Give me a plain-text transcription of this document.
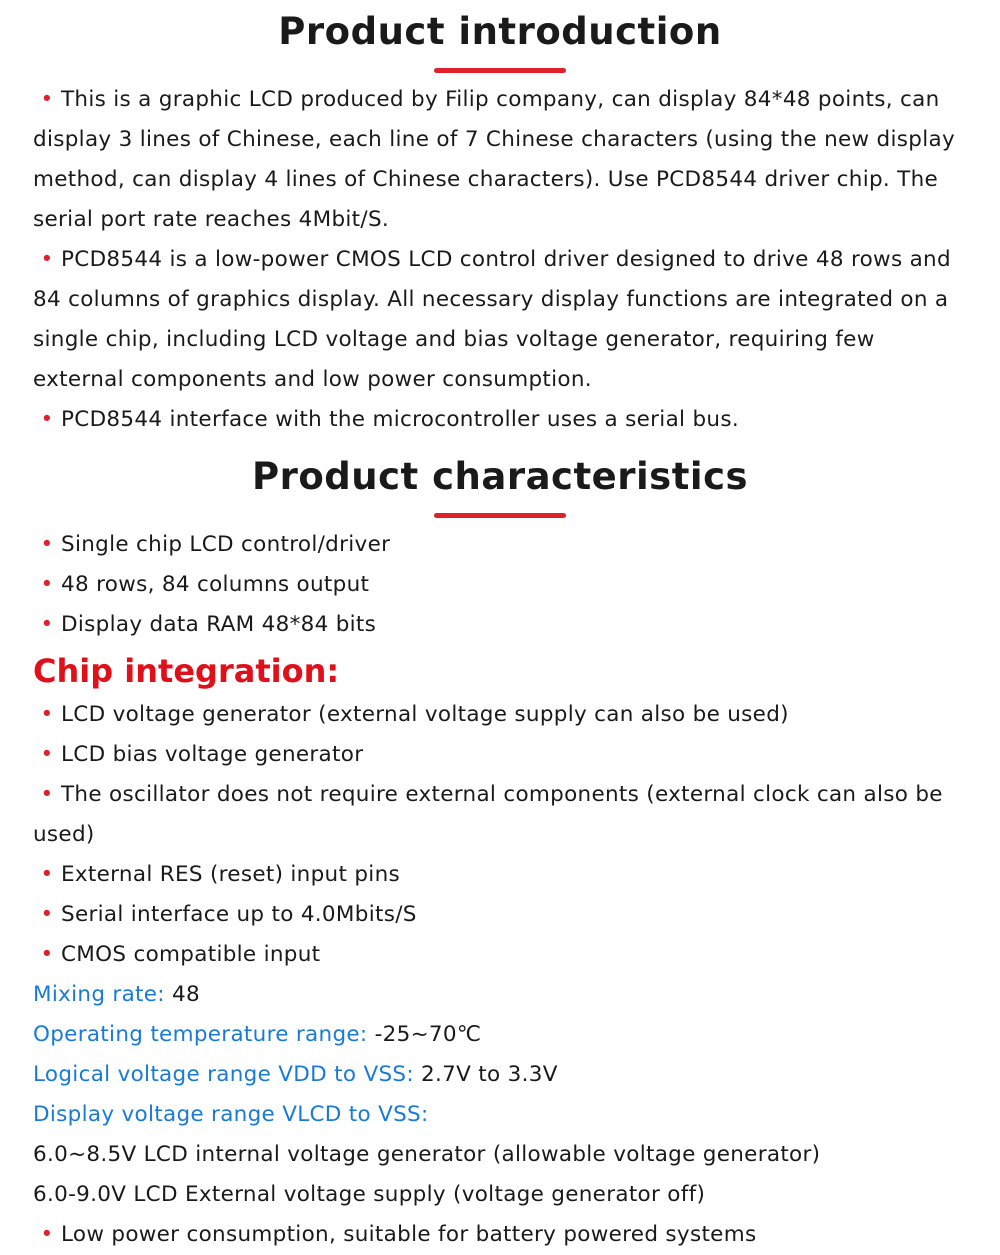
Product introduction

• This is a graphic LCD produced by Filip company, can display 84*48 points, can display 3 lines of Chinese, each line of 7 Chinese characters (using the new display method, can display 4 lines of Chinese characters). Use PCD8544 driver chip. The serial port rate reaches 4Mbit/S.

• PCD8544 is a low-power CMOS LCD control driver designed to drive 48 rows and 84 columns of graphics display. All necessary display functions are integrated on a single chip, including LCD voltage and bias voltage generator, requiring few external components and low power consumption.

• PCD8544 interface with the microcontroller uses a serial bus.

Product characteristics
• Single chip LCD control/driver
• 48 rows, 84 columns output
• Display data RAM 48*84 bits
Chip integration:
• LCD voltage generator (external voltage supply can also be used)
• LCD bias voltage generator

• The oscillator does not require external components (external clock can also be used)

• External RES (reset) input pins
• Serial interface up to 4.0Mbits/S
• CMOS compatible input
Mixing rate: 48
Operating temperature range: -25~70℃
Logical voltage range VDD to VSS: 2.7V to 3.3V
Display voltage range VLCD to VSS:
6.0~8.5V LCD internal voltage generator (allowable voltage generator)
6.0-9.0V LCD External voltage supply (voltage generator off)
• Low power consumption, suitable for battery powered systems
